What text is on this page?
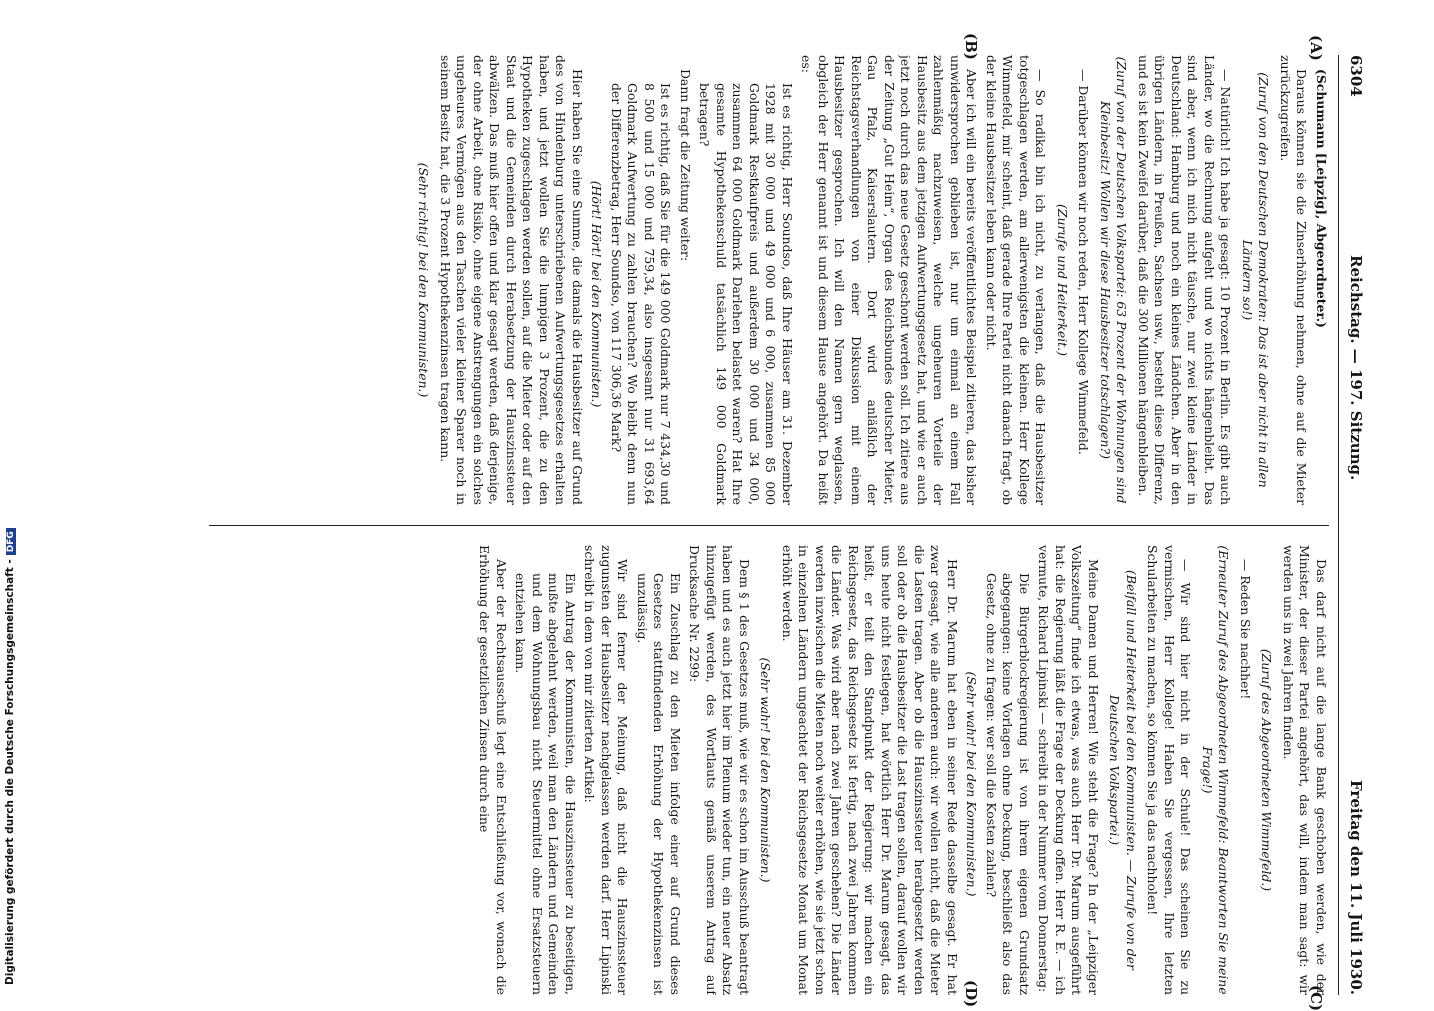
6304
Reichstag. — 197. Sitzung.
Freitag den 11. Juli 1930.
(A)
(B)
(C)
(D)

(Schumann [Leipzig], Abgeordneter.)

Daraus können sie die Zinserhöhung nehmen, ohne auf die Mieter zurückzugreifen.

(Zuruf von den Deutschen Demokraten: Das ist aber nicht in allen Ländern so!)

— Natürlich! Ich habe ja gesagt: 10 Prozent in Berlin. Es gibt auch Länder, wo die Rechnung aufgeht und wo nichts hängenbleibt. Das sind aber, wenn ich mich nicht täusche, nur zwei kleine Länder in Deutschland: Hamburg und noch ein kleines Ländchen. Aber in den übrigen Ländern, in Preußen, Sachsen usw., besteht diese Differenz, und es ist kein Zweifel darüber, daß die 300 Millionen hängenbleiben.

(Zuruf von der Deutschen Volkspartei: 63 Prozent der Wohnungen sind Kleinbesitz! Wollen wir diese Hausbesitzer totschlagen?)

— Darüber können wir noch reden, Herr Kollege Wimmefeld.

(Zurufe und Heiterkeit.)

— So radikal bin ich nicht, zu verlangen, daß die Hausbesitzer totgeschlagen werden, am allerwenigsten die kleinen. Herr Kollege Wimmefeld, mir scheint, daß gerade Ihre Partei nicht danach fragt, ob der kleine Hausbesitzer leben kann oder nicht.

Aber ich will ein bereits veröffentlichtes Beispiel zitieren, das bisher unwidersprochen geblieben ist, nur um einmal an einem Fall zahlenmäßig nachzuweisen, welche ungeheuren Vorteile der Hausbesitz aus dem jetzigen Aufwertungsgesetz hat, und wie er auch jetzt noch durch das neue Gesetz geschont werden soll. Ich zitiere aus der Zeitung „Gut Heim“, Organ des Reichsbundes deutscher Mieter, Gau Pfalz, Kaiserslautern. Dort wird anläßlich der Reichstagsverhandlungen von einer Diskussion mit einem Hausbesitzer gesprochen. Ich will den Namen gern weglassen, obgleich der Herr genannt ist und diesem Hause angehört. Da heißt es:

Ist es richtig, Herr Soundso, daß Ihre Häuser am 31. Dezember 1928 mit 30 000 und 49 000 und 6 000, zusammen 85 000 Goldmark Restkaufpreis und außerdem 30 000 und 34 000, zusammen 64 000 Goldmark Darlehen belastet waren? Hat Ihre gesamte Hypothekenschuld tatsächlich 149 000 Goldmark betragen?

Dann fragt die Zeitung weiter:

Ist es richtig, daß Sie für die 149 000 Goldmark nur 7 434,30 und 8 500 und 15 000 und 759,34, also insgesamt nur 31 693,64 Goldmark Aufwertung zu zahlen brauchen? Wo bleibt denn nun der Differenzbetrag, Herr Soundso, von 117 306,36 Mark?

(Hört! Hört! bei den Kommunisten.)

Hier haben Sie eine Summe, die damals die Hausbesitzer auf Grund des von Hindenburg unterschriebenen Aufwertungsgesetzes erhalten haben, und jetzt wollen Sie die lumpigen 3 Prozent, die zu den Hypotheken zugeschlagen werden sollen, auf die Mieter oder auf den Staat und die Gemeinden durch Herabsetzung der Hauszinssteuer abwälzen. Das muß hier offen und klar gesagt werden, daß derjenige, der ohne Arbeit, ohne Risiko, ohne eigene Anstrengungen ein solches ungeheures Vermögen aus den Taschen vieler kleiner Sparer noch in seinem Besitz hat, die 3 Prozent Hypothekenzinsen tragen kann.

(Sehr richtig! bei den Kommunisten.)

Das darf nicht auf die lange Bank geschoben werden, wie der Minister, der dieser Partei angehört, das will, indem man sagt: wir werden uns in zwei Jahren finden.

(Zuruf des Abgeordneten Wimmefeld.)

— Reden Sie nachher!

(Erneuter Zuruf des Abgeordneten Wimmefeld: Beantworten Sie meine Frage!)

— Wir sind hier nicht in der Schule! Das scheinen Sie zu vermischen, Herr Kollege! Haben Sie vergessen, Ihre letzten Schularbeiten zu machen, so können Sie ja das nachholen!

(Beifall und Heiterkeit bei den Kommunisten. — Zurufe von der Deutschen Volkspartei.)

Meine Damen und Herren! Wie steht die Frage? In der „Leipziger Volkszeitung“ finde ich etwas, was auch Herr Dr. Marum ausgeführt hat: die Regierung läßt die Frage der Deckung offen. Herr R. E. — ich vermute, Richard Lipinski — schreibt in der Nummer vom Donnerstag:

Die Bürgerblockregierung ist von ihrem eigenen Grundsatz abgegangen: keine Vorlagen ohne Deckung, beschließt also das Gesetz, ohne zu fragen: wer soll die Kosten zahlen?

(Sehr wahr! bei den Kommunisten.)

Herr Dr. Marum hat eben in seiner Rede dasselbe gesagt. Er hat zwar gesagt, wie alle anderen auch: wir wollen nicht, daß die Mieter die Lasten tragen. Aber ob die Hauszinssteuer herabgesetzt werden soll oder ob die Hausbesitzer die Last tragen sollen, darauf wollen wir uns heute nicht festlegen, hat wörtlich Herr Dr. Marum gesagt, das heißt, er teilt den Standpunkt der Regierung: wir machen ein Reichsgesetz, das Reichsgesetz ist fertig, nach zwei Jahren kommen die Länder. Was wird aber nach zwei Jahren geschehen? Die Länder werden inzwischen die Mieten noch weiter erhöhen, wie sie jetzt schon in einzelnen Ländern ungeachtet der Reichsgesetze Monat um Monat erhöht werden.

(Sehr wahr! bei den Kommunisten.)

Dem § 1 des Gesetzes muß, wie wir es schon im Ausschuß beantragt haben und es auch jetzt hier im Plenum wieder tun, ein neuer Absatz hinzugefügt werden, des Wortlauts gemäß unserem Antrag auf Drucksache Nr. 2299:

Ein Zuschlag zu den Mieten infolge einer auf Grund dieses Gesetzes stattfindenden Erhöhung der Hypothekenzinsen ist unzulässig.

Wir sind ferner der Meinung, daß nicht die Hauszinssteuer zugunsten der Hausbesitzer nachgelassen werden darf. Herr Lipinski schreibt in dem von mir zitierten Artikel:

Ein Antrag der Kommunisten, die Hauszinssteuer zu beseitigen, mußte abgelehnt werden, weil man den Ländern und Gemeinden und dem Wohnungsbau nicht Steuermittel ohne Ersatzsteuern entziehen kann.

Aber der Rechtsausschuß legt eine Entschließung vor, wonach die Erhöhung der gesetzlichen Zinsen durch eine

Digitalisierung gefördert durch die Deutsche Forschungsgemeinschaft -DFG
